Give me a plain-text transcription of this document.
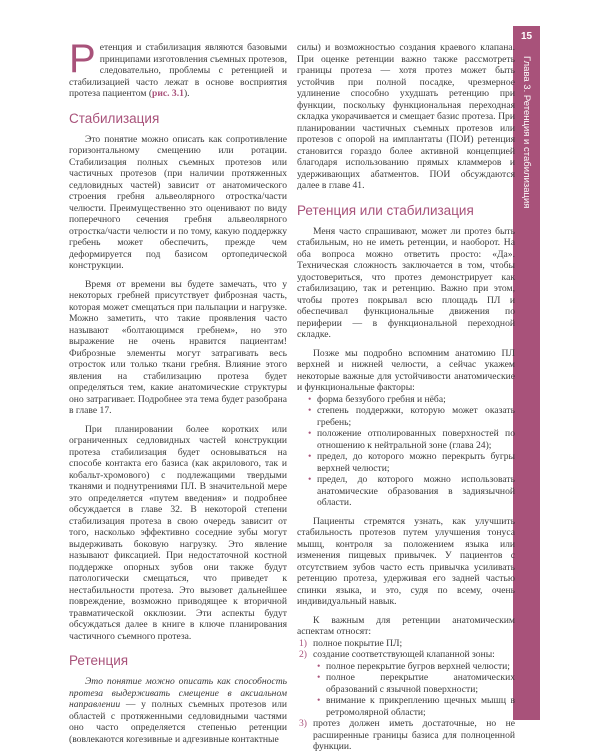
15
Глава 3. Ретенция и стабилизация

Ретенция и стабилизация являются базовыми принципами изготовления съемных протезов, следовательно, проблемы с ретенцией и стабилизацией часто лежат в основе восприятия протеза пациентом (рис. 3.1).

Стабилизация

Это понятие можно описать как сопротивление горизонтальному смещению или ротации. Стабилизация полных съемных протезов или частичных протезов (при наличии протяженных седловидных частей) зависит от анатомического строения гребня альвеолярного отростка/части челюсти. Преимущественно это оценивают по виду поперечного сечения гребня альвеолярного отростка/части челюсти и по тому, какую поддержку гребень может обеспечить, прежде чем деформируется под базисом ортопедической конструкции.

Время от времени вы будете замечать, что у некоторых гребней присутствует фиброзная часть, которая может смещаться при пальпации и нагрузке. Можно заметить, что такие проявления часто называют «болтающимся гребнем», но это выражение не очень нравится пациентам! Фиброзные элементы могут затрагивать весь отросток или только ткани гребня. Влияние этого явления на стабилизацию протеза будет определяться тем, какие анатомические структуры оно затрагивает. Подробнее эта тема будет разобрана в главе 17.

При планировании более коротких или ограниченных седловидных частей конструкции протеза стабилизация будет основываться на способе контакта его базиса (как акрилового, так и кобальт-хромового) с подлежащими твердыми тканями и поднутрениями ПЛ. В значительной мере это определяется «путем введения» и подробнее обсуждается в главе 32. В некоторой степени стабилизация протеза в свою очередь зависит от того, насколько эффективно соседние зубы могут выдерживать боковую нагрузку. Это явление называют фиксацией. При недостаточной костной поддержке опорных зубов они также будут патологически смещаться, что приведет к нестабильности протеза. Это вызовет дальнейшее повреждение, возможно приводящее к вторичной травматической окклюзии. Эти аспекты будут обсуждаться далее в книге в ключе планирования частичного съемного протеза.

Ретенция

Это понятие можно описать как способность протеза выдерживать смещение в аксиальном направлении — у полных съемных протезов или областей с протяженными седловидными частями оно часто определяется степенью ретенции (вовлекаются когезивные и адгезивные контактные

силы) и возможностью создания краевого клапана. При оценке ретенции важно также рассмотреть границы протеза — хотя протез может быть устойчив при полной посадке, чрезмерное удлинение способно ухудшать ретенцию при функции, поскольку функциональная переходная складка укорачивается и смещает базис протеза. При планировании частичных съемных протезов или протезов с опорой на имплантаты (ПОИ) ретенция становится гораздо более активной концепцией благодаря использованию прямых кламмеров и удерживающих абатментов. ПОИ обсуждаются далее в главе 41.

Ретенция или стабилизация

Меня часто спрашивают, может ли протез быть стабильным, но не иметь ретенции, и наоборот. На оба вопроса можно ответить просто: «Да». Техническая сложность заключается в том, чтобы удостовериться, что протез демонстрирует как стабилизацию, так и ретенцию. Важно при этом, чтобы протез покрывал всю площадь ПЛ и обеспечивал функциональные движения по периферии — в функциональной переходной складке.

Позже мы подробно вспомним анатомию ПЛ верхней и нижней челюсти, а сейчас укажем некоторые важные для устойчивости анатомические и функциональные факторы:

• форма беззубого гребня и нёба;
• степень поддержки, которую может оказать гребень;
• положение отполированных поверхностей по отношению к нейтральной зоне (глава 24);
• предел, до которого можно перекрыть бугры верхней челюсти;
• предел, до которого можно использовать анатомические образования в задиязычной области.

Пациенты стремятся узнать, как улучшить стабильность протезов путем улучшения тонуса мышц, контроля за положением языка или изменения пищевых привычек. У пациентов с отсутствием зубов часто есть привычка усиливать ретенцию протеза, удерживая его задней частью спинки языка, и это, судя по всему, очень индивидуальный навык.

К важным для ретенции анатомическим аспектам относят:

1) полное покрытие ПЛ;
2) создание соответствующей клапанной зоны:
• полное перекрытие бугров верхней челюсти;
• полное перекрытие анатомических образований с язычной поверхности;
• внимание к прикреплению щечных мышц в ретромолярной области;
3) протез должен иметь достаточные, но не расширенные границы базиса для полноценной функции.
